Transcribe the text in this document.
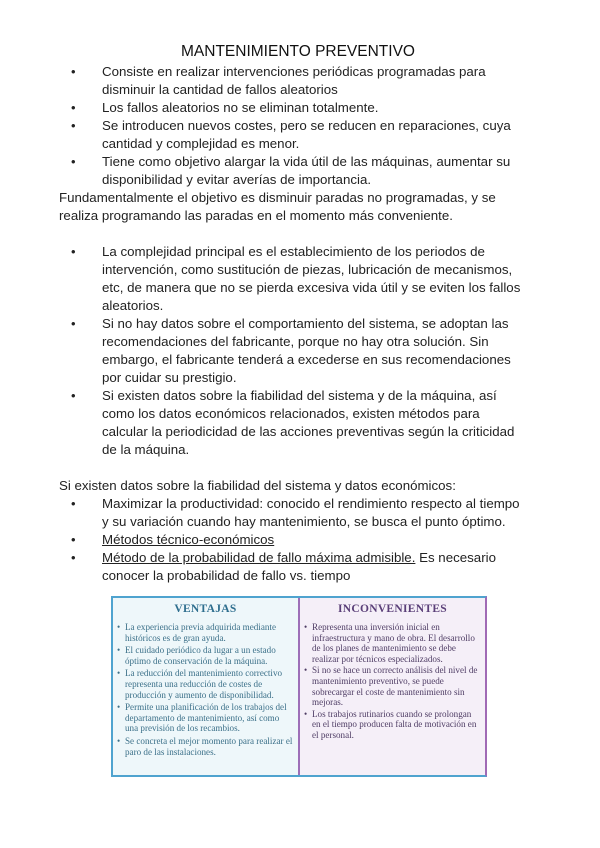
MANTENIMIENTO PREVENTIVO
• Consiste en realizar intervenciones periódicas programadas para disminuir la cantidad de fallos aleatorios
• Los fallos aleatorios no se eliminan totalmente.
• Se introducen nuevos costes, pero se reducen en reparaciones, cuya cantidad y complejidad es menor.
• Tiene como objetivo alargar la vida útil de las máquinas, aumentar su disponibilidad y evitar averías de importancia.

Fundamentalmente el objetivo es disminuir paradas no programadas, y se realiza programando las paradas en el momento más conveniente.

• La complejidad principal es el establecimiento de los periodos de intervención, como sustitución de piezas, lubricación de mecanismos, etc, de manera que no se pierda excesiva vida útil y se eviten los fallos aleatorios.
• Si no hay datos sobre el comportamiento del sistema, se adoptan las recomendaciones del fabricante, porque no hay otra solución. Sin embargo, el fabricante tenderá a excederse en sus recomendaciones por cuidar su prestigio.
• Si existen datos sobre la fiabilidad del sistema y de la máquina, así como los datos económicos relacionados, existen métodos para calcular la periodicidad de las acciones preventivas según la criticidad de la máquina.

Si existen datos sobre la fiabilidad del sistema y datos económicos:

• Maximizar la productividad: conocido el rendimiento respecto al tiempo y su variación cuando hay mantenimiento, se busca el punto óptimo.
• Métodos técnico-económicos
• Método de la probabilidad de fallo máxima admisible. Es necesario conocer la probabilidad de fallo vs. tiempo
VENTAJAS
• La experiencia previa adquirida mediante históricos es de gran ayuda.
• El cuidado periódico da lugar a un estado óptimo de conservación de la máquina.
• La reducción del mantenimiento correctivo representa una reducción de costes de producción y aumento de disponibilidad.
• Permite una planificación de los trabajos del departamento de mantenimiento, así como una previsión de los recambios.
• Se concreta el mejor momento para realizar el paro de las instalaciones.
INCONVENIENTES
• Representa una inversión inicial en infraestructura y mano de obra. El desarrollo de los planes de mantenimiento se debe realizar por técnicos especializados.
• Si no se hace un correcto análisis del nivel de mantenimiento preventivo, se puede sobrecargar el coste de mantenimiento sin mejoras.
• Los trabajos rutinarios cuando se prolongan en el tiempo producen falta de motivación en el personal.
